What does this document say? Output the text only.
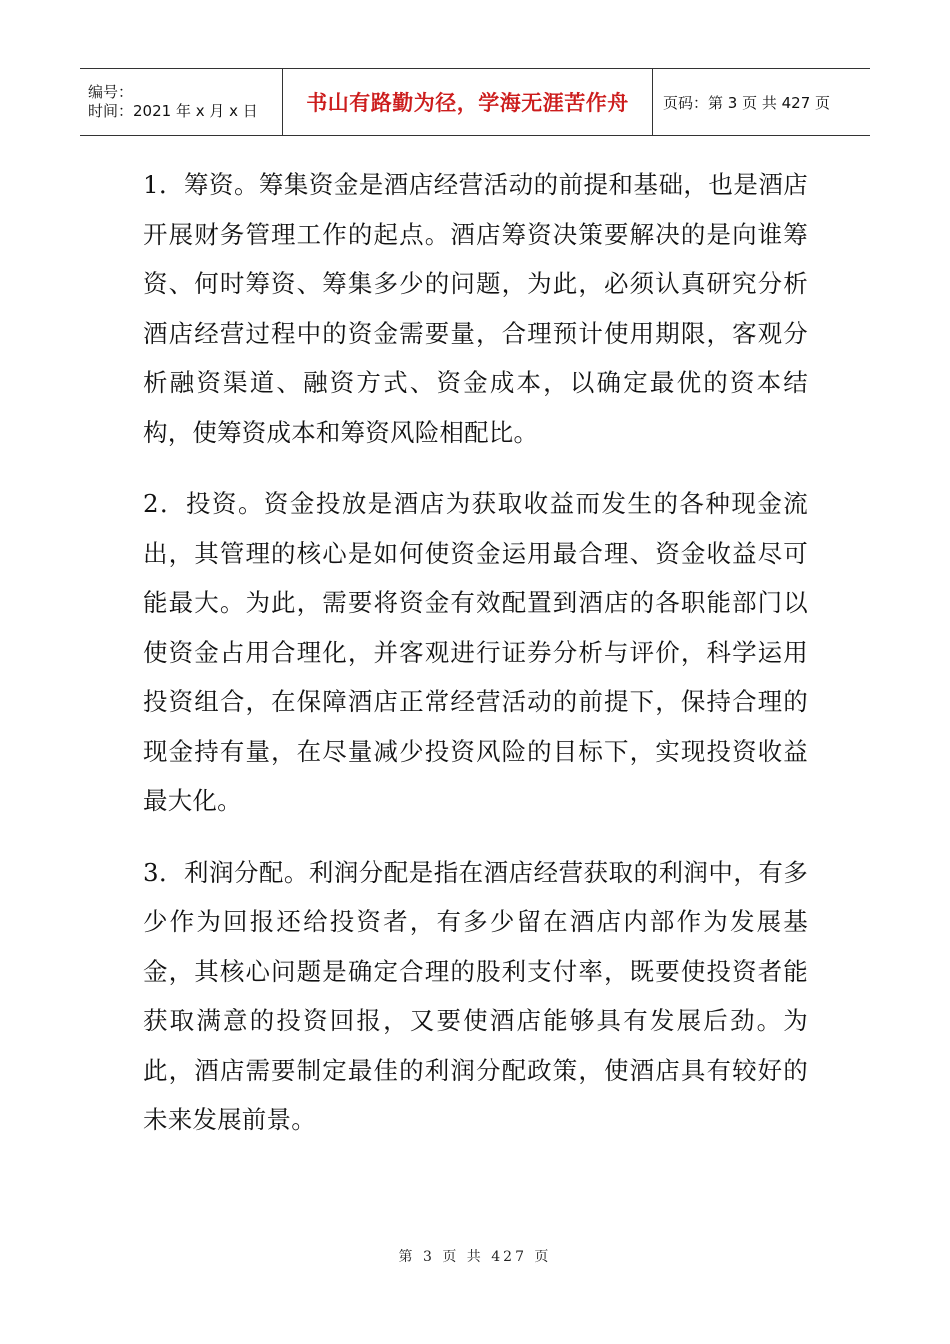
编号：
时间：2021 年 x 月 x 日	书山有路勤为径，学海无涯苦作舟 页码：第 3 页 共 427 页

1．筹资。筹集资金是酒店经营活动的前提和基础，也是酒店开展财务管理工作的起点。酒店筹资决策要解决的是向谁筹资、何时筹资、筹集多少的问题，为此，必须认真研究分析酒店经营过程中的资金需要量，合理预计使用期限，客观分析融资渠道、融资方式、资金成本，以确定最优的资本结构，使筹资成本和筹资风险相配比。

2．投资。资金投放是酒店为获取收益而发生的各种现金流出，其管理的核心是如何使资金运用最合理、资金收益尽可能最大。为此，需要将资金有效配置到酒店的各职能部门以使资金占用合理化，并客观进行证券分析与评价，科学运用投资组合，在保障酒店正常经营活动的前提下，保持合理的现金持有量，在尽量减少投资风险的目标下，实现投资收益最大化。

3．利润分配。利润分配是指在酒店经营获取的利润中，有多少作为回报还给投资者，有多少留在酒店内部作为发展基金，其核心问题是确定合理的股利支付率，既要使投资者能获取满意的投资回报，又要使酒店能够具有发展后劲。为此，酒店需要制定最佳的利润分配政策，使酒店具有较好的未来发展前景。

第 3 页 共 427 页
